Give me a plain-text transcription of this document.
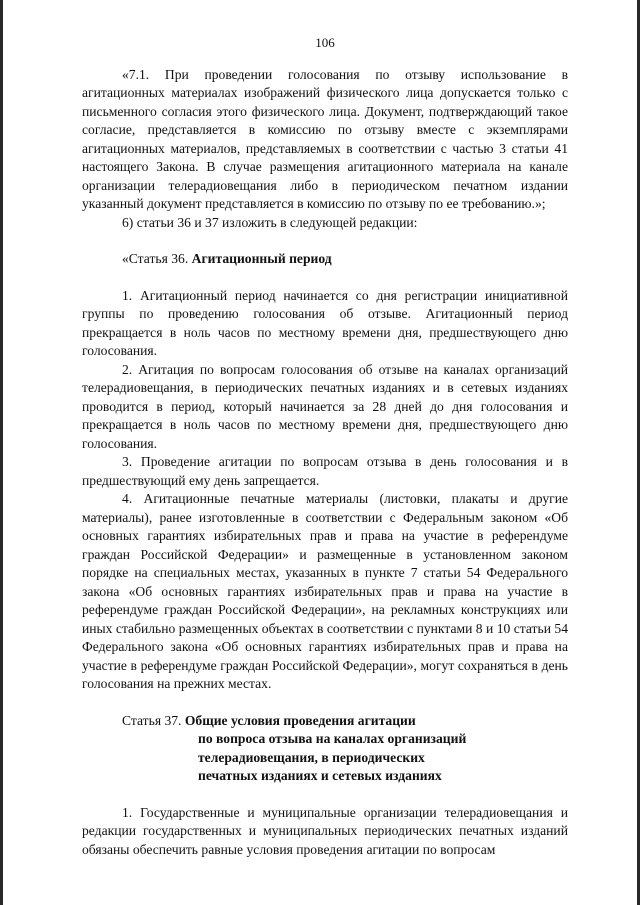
106

«7.1. При проведении голосования по отзыву использование в агитационных материалах изображений физического лица допускается только с письменного согласия этого физического лица. Документ, подтверждающий такое согласие, представляется в комиссию по отзыву вместе с экземплярами агитационных материалов, представляемых в соответствии с частью 3 статьи 41 настоящего Закона. В случае размещения агитационного материала на канале организации телерадиовещания либо в периодическом печатном издании указанный документ представляется в комиссию по отзыву по ее требованию.»;

6) статьи 36 и 37 изложить в следующей редакции:

«Статья 36. Агитационный период

1. Агитационный период начинается со дня регистрации инициативной группы по проведению голосования об отзыве. Агитационный период прекращается в ноль часов по местному времени дня, предшествующего дню голосования.

2. Агитация по вопросам голосования об отзыве на каналах организаций телерадиовещания, в периодических печатных изданиях и в сетевых изданиях проводится в период, который начинается за 28 дней до дня голосования и прекращается в ноль часов по местному времени дня, предшествующего дню голосования.

3. Проведение агитации по вопросам отзыва в день голосования и в предшествующий ему день запрещается.

4. Агитационные печатные материалы (листовки, плакаты и другие материалы), ранее изготовленные в соответствии с Федеральным законом «Об основных гарантиях избирательных прав и права на участие в референдуме граждан Российской Федерации» и размещенные в установленном законом порядке на специальных местах, указанных в пункте 7 статьи 54 Федерального закона «Об основных гарантиях избирательных прав и права на участие в референдуме граждан Российской Федерации», на рекламных конструкциях или иных стабильно размещенных объектах в соответствии с пунктами 8 и 10 статьи 54 Федерального закона «Об основных гарантиях избирательных прав и права на участие в референдуме граждан Российской Федерации», могут сохраняться в день голосования на прежних местах.

Статья 37. Общие условия проведения агитации
по вопроса отзыва на каналах организаций
телерадиовещания, в периодических
печатных изданиях и сетевых изданиях

1. Государственные и муниципальные организации телерадиовещания и редакции государственных и муниципальных периодических печатных изданий обязаны обеспечить равные условия проведения агитации по вопросам
